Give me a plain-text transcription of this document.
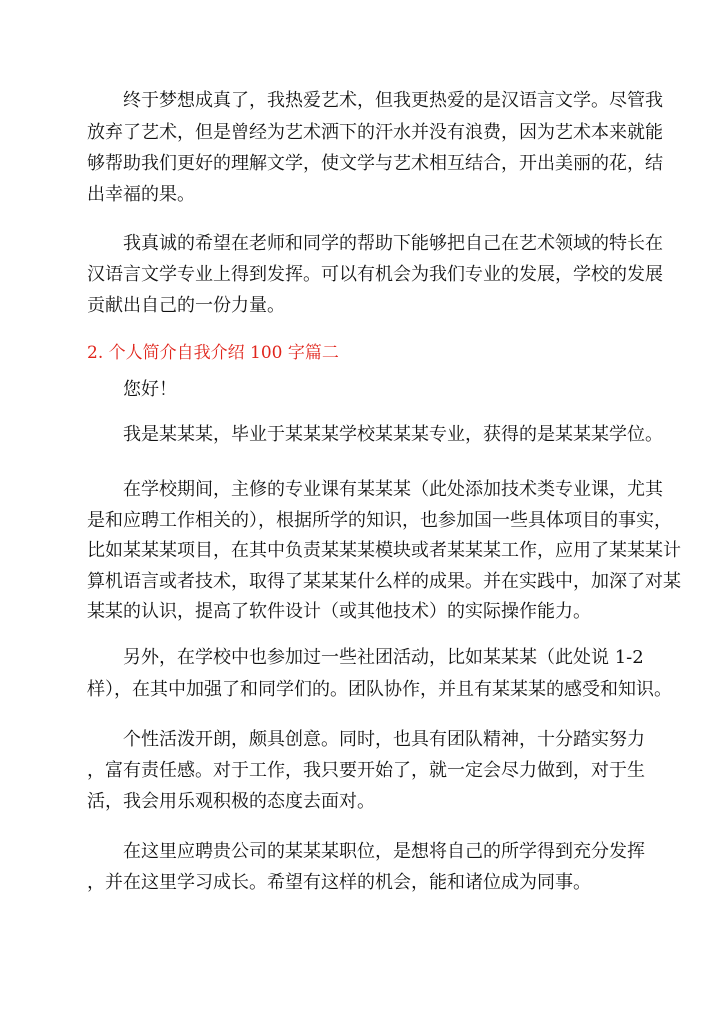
终于梦想成真了，我热爱艺术，但我更热爱的是汉语言文学。尽管我
放弃了艺术，但是曾经为艺术洒下的汗水并没有浪费，因为艺术本来就能
够帮助我们更好的理解文学，使文学与艺术相互结合，开出美丽的花，结
出幸福的果。
我真诚的希望在老师和同学的帮助下能够把自己在艺术领域的特长在
汉语言文学专业上得到发挥。可以有机会为我们专业的发展，学校的发展
贡献出自己的一份力量。
2. 个人简介自我介绍 100 字篇二
您好！
我是某某某，毕业于某某某学校某某某专业，获得的是某某某学位。
在学校期间，主修的专业课有某某某（此处添加技术类专业课，尤其
是和应聘工作相关的），根据所学的知识，也参加国一些具体项目的事实，
比如某某某项目，在其中负责某某某模块或者某某某工作，应用了某某某计
算机语言或者技术，取得了某某某什么样的成果。并在实践中，加深了对某
某某的认识，提高了软件设计（或其他技术）的实际操作能力。
另外，在学校中也参加过一些社团活动，比如某某某（此处说 1-2
样），在其中加强了和同学们的。团队协作，并且有某某某的感受和知识。
个性活泼开朗，颇具创意。同时，也具有团队精神，十分踏实努力
，富有责任感。对于工作，我只要开始了，就一定会尽力做到，对于生
活，我会用乐观积极的态度去面对。
在这里应聘贵公司的某某某职位，是想将自己的所学得到充分发挥
，并在这里学习成长。希望有这样的机会，能和诸位成为同事。
